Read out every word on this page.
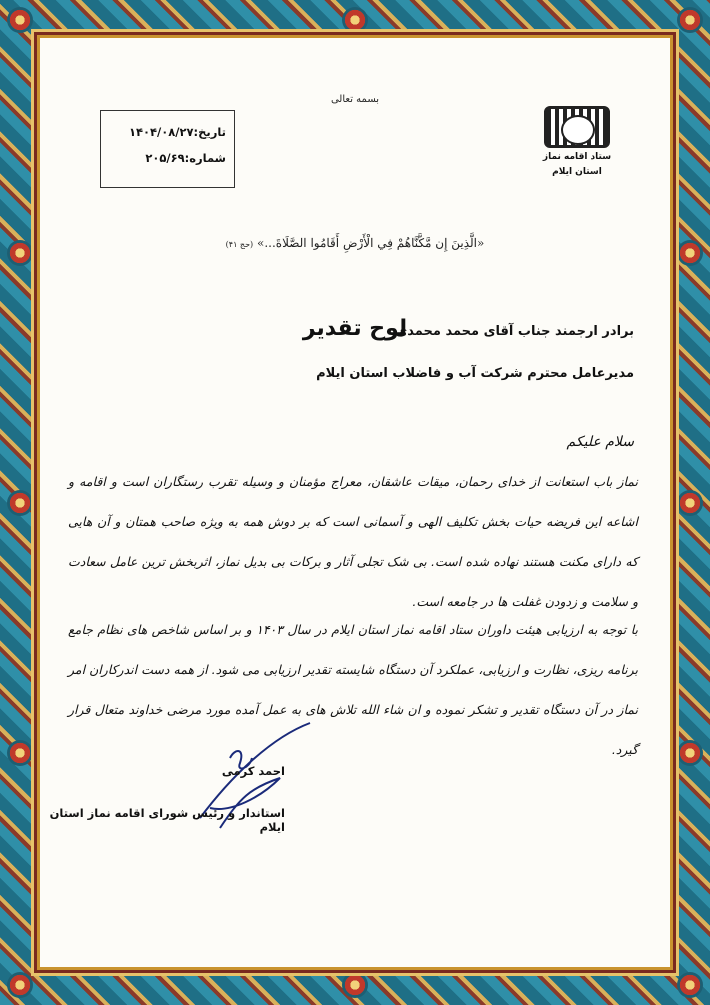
بسمه تعالی
تاریخ:۱۴۰۴/۰۸/۲۷
شماره:۲۰۵/۶۹	ستاد اقامه نماز
استان ایلام
«الَّذِینَ إِن مَّکَّنَّاهُمْ فِي الْأَرْضِ أَقَامُوا الصَّلَاةَ...» (حج ۴۱)
لوح تقدیر
برادر ارجمند جناب آقای محمد محمدی
مدیرعامل محترم شرکت آب و فاضلاب استان ایلام
سلام علیکم
نماز باب استعانت از خدای رحمان، میقات عاشقان، معراج مؤمنان و وسیله تقرب رستگاران است و اقامه و اشاعه این فریضه حیات بخش تکلیف الهی و آسمانی است که بر دوش همه به ویژه صاحب همتان و آن هایی که دارای مکنت هستند نهاده شده است. بی شک تجلی آثار و برکات بی بدیل نماز، اثربخش ترین عامل سعادت و سلامت و زدودن غفلت ها در جامعه است.
با توجه به ارزیابی هیئت داوران ستاد اقامه نماز استان ایلام در سال ۱۴۰۳ و بر اساس شاخص های نظام جامع برنامه ریزی، نظارت و ارزیابی، عملکرد آن دستگاه شایسته تقدیر ارزیابی می شود. از همه دست اندرکاران امر نماز در آن دستگاه تقدیر و تشکر نموده و ان شاء الله تلاش های به عمل آمده مورد مرضی خداوند متعال قرار گیرد.
احمد کرمی
استاندار و رئیس شورای اقامه نماز استان ایلام
